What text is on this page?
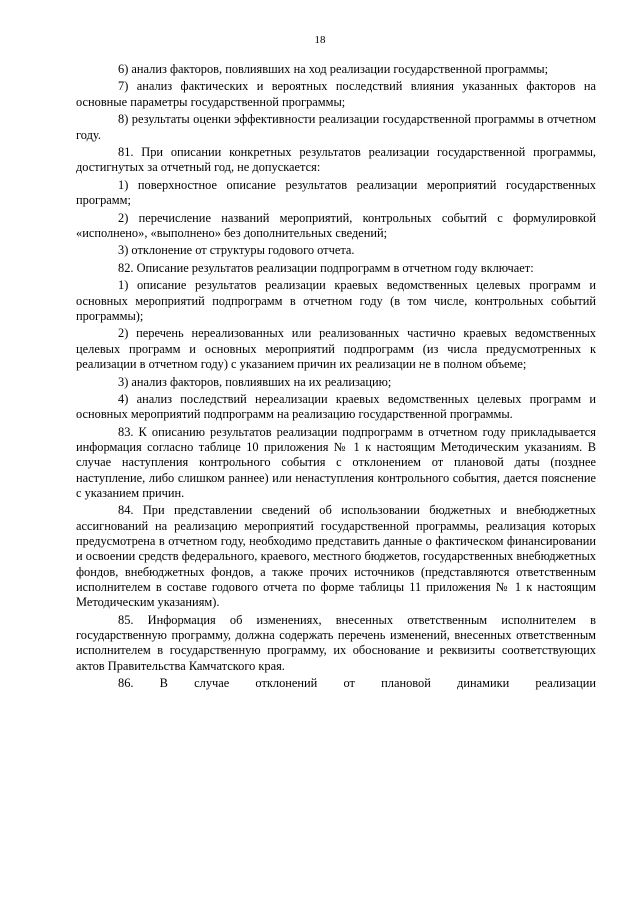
18

6) анализ факторов, повлиявших на ход реализации государственной программы;

7) анализ фактических и вероятных последствий влияния указанных факторов на основные параметры государственной программы;

8) результаты оценки эффективности реализации государственной программы в отчетном году.

81. При описании конкретных результатов реализации государственной программы, достигнутых за отчетный год, не допускается:

1) поверхностное описание результатов реализации мероприятий государственных программ;

2) перечисление названий мероприятий, контрольных событий с формулировкой «исполнено», «выполнено» без дополнительных сведений;

3) отклонение от структуры годового отчета.

82. Описание результатов реализации подпрограмм в отчетном году включает:

1) описание результатов реализации краевых ведомственных целевых программ и основных мероприятий подпрограмм в отчетном году (в том числе, контрольных событий программы);

2) перечень нереализованных или реализованных частично краевых ведомственных целевых программ и основных мероприятий подпрограмм (из числа предусмотренных к реализации в отчетном году) с указанием причин их реализации не в полном объеме;

3) анализ факторов, повлиявших на их реализацию;

4) анализ последствий нереализации краевых ведомственных целевых программ и основных мероприятий подпрограмм на реализацию государственной программы.

83. К описанию результатов реализации подпрограмм в отчетном году прикладывается информация согласно таблице 10 приложения № 1 к настоящим Методическим указаниям. В случае наступления контрольного события с отклонением от плановой даты (позднее наступление, либо слишком раннее) или ненаступления контрольного события, дается пояснение с указанием причин.

84. При представлении сведений об использовании бюджетных и внебюджетных ассигнований на реализацию мероприятий государственной программы, реализация которых предусмотрена в отчетном году, необходимо представить данные о фактическом финансировании и освоении средств федерального, краевого, местного бюджетов, государственных внебюджетных фондов, внебюджетных фондов, а также прочих источников (представляются ответственным исполнителем в составе годового отчета по форме таблицы 11 приложения № 1 к настоящим Методическим указаниям).

85. Информация об изменениях, внесенных ответственным исполнителем в государственную программу, должна содержать перечень изменений, внесенных ответственным исполнителем в государственную программу, их обоснование и реквизиты соответствующих актов Правительства Камчатского края.

86. В случае отклонений от плановой динамики реализации
